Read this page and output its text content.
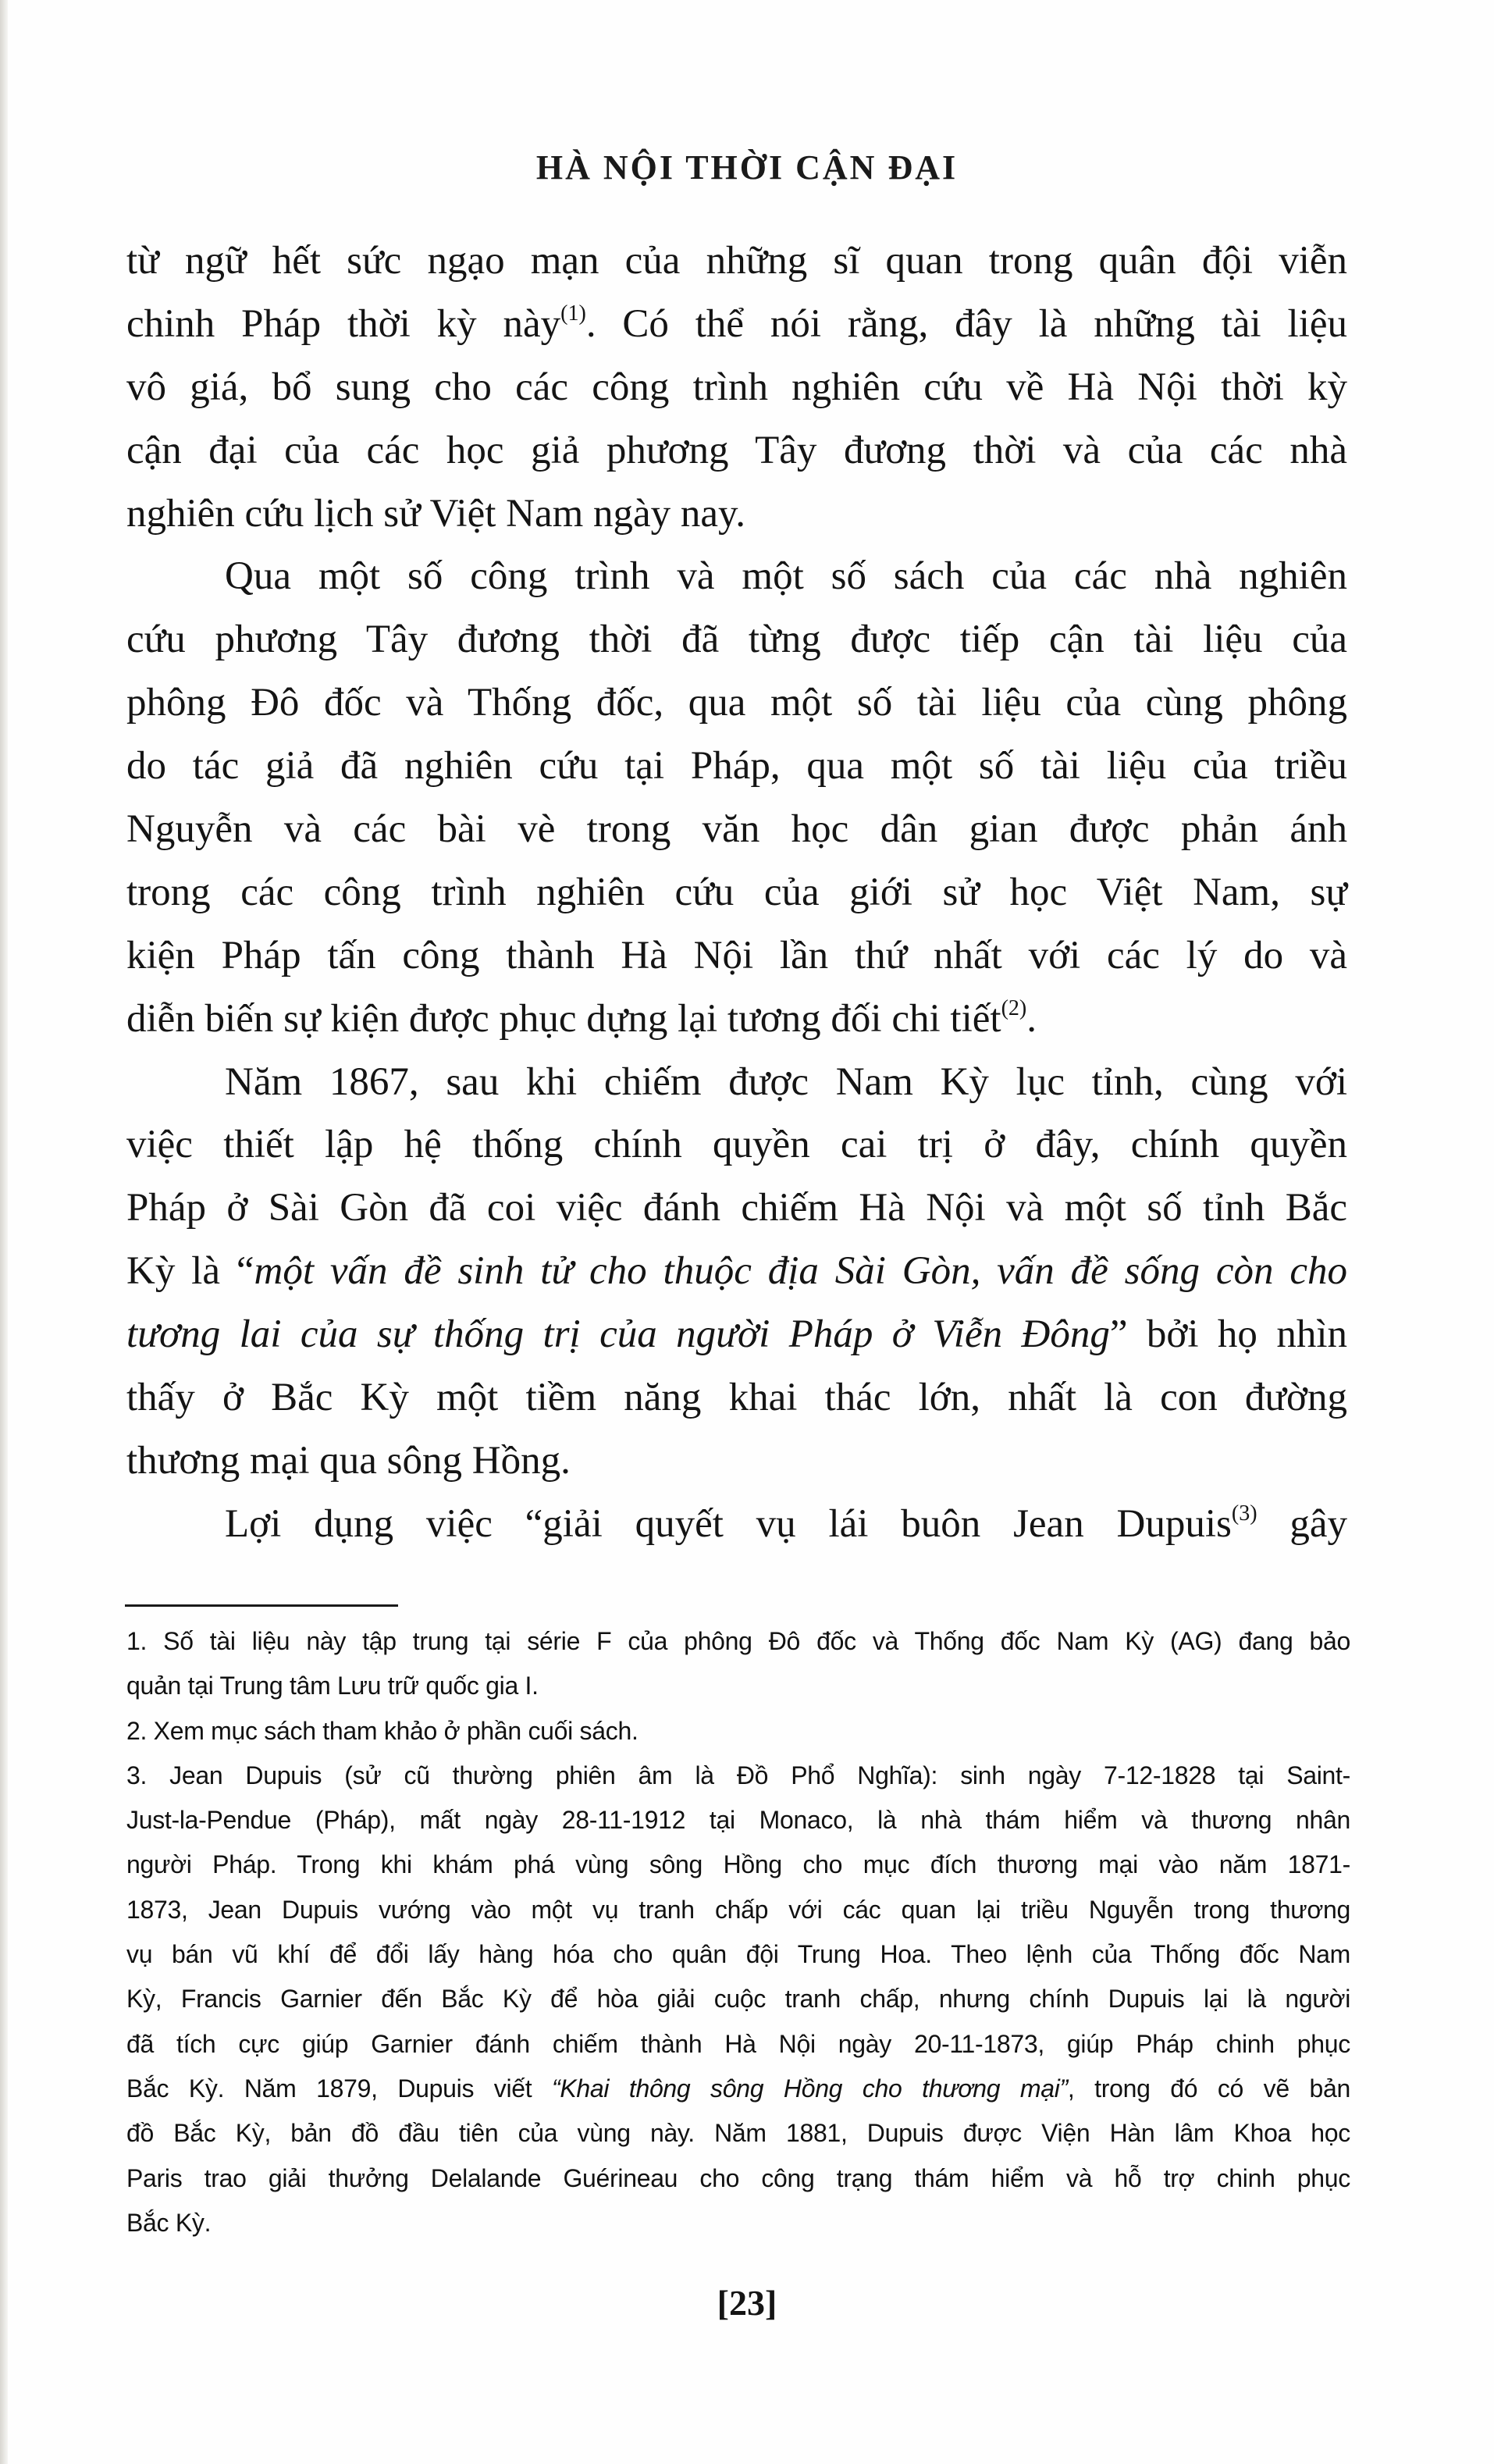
HÀ NỘI THỜI CẬN ĐẠI
từ ngữ hết sức ngạo mạn của những sĩ quan trong quân đội viễn
chinh Pháp thời kỳ này$^{(1)}$. Có thể nói rằng, đây là những tài liệu
vô giá, bổ sung cho các công trình nghiên cứu về Hà Nội thời kỳ
cận đại của các học giả phương Tây đương thời và của các nhà
nghiên cứu lịch sử Việt Nam ngày nay.
Qua một số công trình và một số sách của các nhà nghiên
cứu phương Tây đương thời đã từng được tiếp cận tài liệu của
phông Đô đốc và Thống đốc, qua một số tài liệu của cùng phông
do tác giả đã nghiên cứu tại Pháp, qua một số tài liệu của triều
Nguyễn và các bài vè trong văn học dân gian được phản ánh
trong các công trình nghiên cứu của giới sử học Việt Nam, sự
kiện Pháp tấn công thành Hà Nội lần thứ nhất với các lý do và
diễn biến sự kiện được phục dựng lại tương đối chi tiết$^{(2)}$.
Năm 1867, sau khi chiếm được Nam Kỳ lục tỉnh, cùng với
việc thiết lập hệ thống chính quyền cai trị ở đây, chính quyền
Pháp ở Sài Gòn đã coi việc đánh chiếm Hà Nội và một số tỉnh Bắc
Kỳ là “một vấn đề sinh tử cho thuộc địa Sài Gòn, vấn đề sống còn cho
tương lai của sự thống trị của người Pháp ở Viễn Đông” bởi họ nhìn
thấy ở Bắc Kỳ một tiềm năng khai thác lớn, nhất là con đường
thương mại qua sông Hồng.
Lợi dụng việc “giải quyết vụ lái buôn Jean Dupuis$^{(3)}$ gây
1. Số tài liệu này tập trung tại série F của phông Đô đốc và Thống đốc Nam Kỳ (AG) đang bảo
quản tại Trung tâm Lưu trữ quốc gia I.
2. Xem mục sách tham khảo ở phần cuối sách.
3. Jean Dupuis (sử cũ thường phiên âm là Đồ Phổ Nghĩa): sinh ngày 7-12-1828 tại Saint-
Just-la-Pendue (Pháp), mất ngày 28-11-1912 tại Monaco, là nhà thám hiểm và thương nhân
người Pháp. Trong khi khám phá vùng sông Hồng cho mục đích thương mại vào năm 1871-
1873, Jean Dupuis vướng vào một vụ tranh chấp với các quan lại triều Nguyễn trong thương
vụ bán vũ khí để đổi lấy hàng hóa cho quân đội Trung Hoa. Theo lệnh của Thống đốc Nam
Kỳ, Francis Garnier đến Bắc Kỳ để hòa giải cuộc tranh chấp, nhưng chính Dupuis lại là người
đã tích cực giúp Garnier đánh chiếm thành Hà Nội ngày 20-11-1873, giúp Pháp chinh phục
Bắc Kỳ. Năm 1879, Dupuis viết “Khai thông sông Hồng cho thương mại”, trong đó có vẽ bản
đồ Bắc Kỳ, bản đồ đầu tiên của vùng này. Năm 1881, Dupuis được Viện Hàn lâm Khoa học
Paris trao giải thưởng Delalande Guérineau cho công trạng thám hiểm và hỗ trợ chinh phục
Bắc Kỳ.
[23]
